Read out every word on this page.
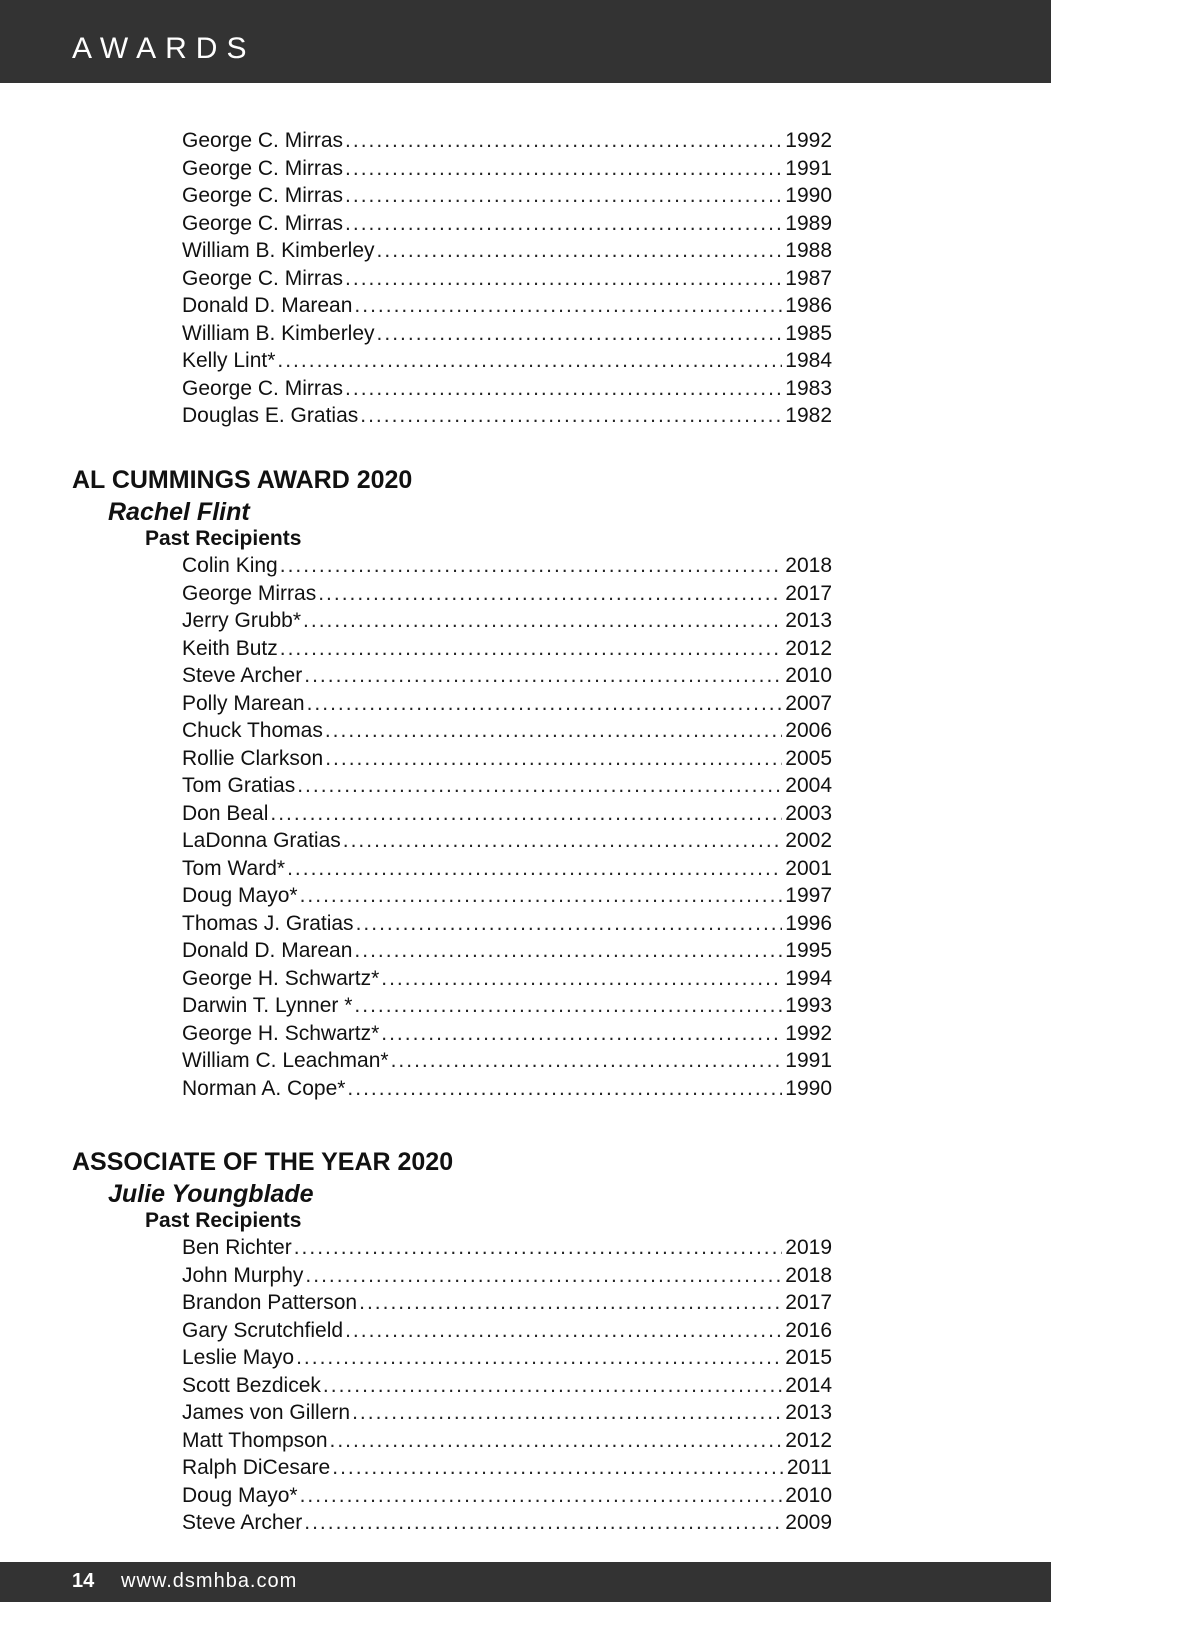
AWARDS
George C. Mirras .....	1992
George C. Mirras .....	1991
George C. Mirras .....	1990
George C. Mirras .....	1989
William B. Kimberley .....	1988
George C. Mirras .....	1987
Donald D. Marean .....	1986
William B. Kimberley .....	1985
Kelly Lint* .....	1984
George C. Mirras .....	1983
Douglas E. Gratias .....	1982
AL CUMMINGS AWARD 2020
Rachel Flint
Past Recipients
Colin King .....	2018
George Mirras .....	2017
Jerry Grubb* .....	2013
Keith Butz .....	2012
Steve Archer .....	2010
Polly Marean .....	2007
Chuck Thomas .....	2006
Rollie Clarkson .....	2005
Tom Gratias .....	2004
Don Beal .....	2003
LaDonna Gratias .....	2002
Tom Ward* .....	2001
Doug Mayo* .....	1997
Thomas J. Gratias .....	1996
Donald D. Marean .....	1995
George H. Schwartz* .....	1994
Darwin T. Lynner * .....	1993
George H. Schwartz* .....	1992
William C. Leachman* .....	1991
Norman A. Cope* .....	1990
ASSOCIATE OF THE YEAR 2020
Julie Youngblade
Past Recipients
Ben Richter .....	2019
John Murphy .....	2018
Brandon Patterson .....	2017
Gary Scrutchfield .....	2016
Leslie Mayo .....	2015
Scott Bezdicek .....	2014
James von Gillern .....	2013
Matt Thompson .....	2012
Ralph DiCesare .....	2011
Doug Mayo* .....	2010
Steve Archer .....	2009
14 www.dsmhba.com
